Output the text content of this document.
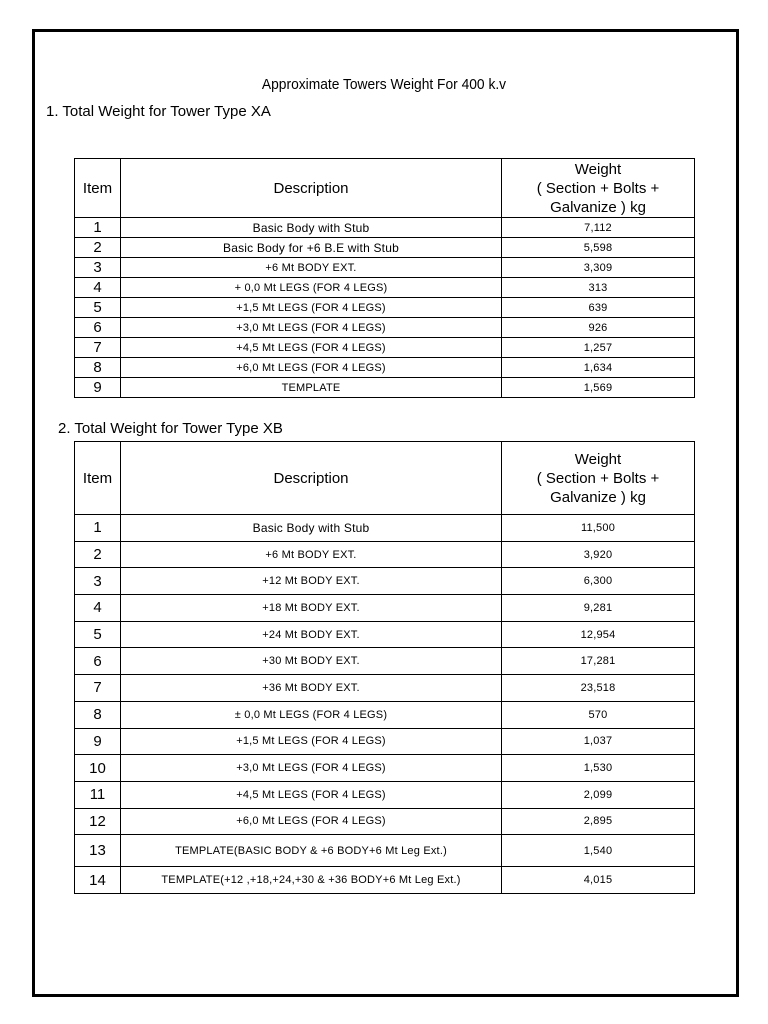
Approximate Towers Weight For 400 k.v
1. Total Weight for Tower Type XA
Item	Description	Weight
( Section + Bolts +
Galvanize ) kg

1	Basic Body with Stub	7,112
2	Basic Body for +6 B.E with Stub	5,598
3	+6 Mt BODY EXT.	3,309
4	+ 0,0 Mt LEGS (FOR 4 LEGS)	313
5	+1,5 Mt LEGS (FOR 4 LEGS)	639
6	+3,0 Mt LEGS (FOR 4 LEGS)	926
7	+4,5 Mt LEGS (FOR 4 LEGS)	1,257
8	+6,0 Mt LEGS (FOR 4 LEGS)	1,634
9	TEMPLATE	1,569
2. Total Weight for Tower Type XB
Item	Description	Weight
( Section + Bolts +
Galvanize ) kg

1	Basic Body with Stub	11,500
2	+6 Mt BODY EXT.	3,920
3	+12 Mt BODY EXT.	6,300
4	+18 Mt BODY EXT.	9,281
5	+24 Mt BODY EXT.	12,954
6	+30 Mt BODY EXT.	17,281
7	+36 Mt BODY EXT.	23,518
8	± 0,0 Mt LEGS (FOR 4 LEGS)	570
9	+1,5 Mt LEGS (FOR 4 LEGS)	1,037
10	+3,0 Mt LEGS (FOR 4 LEGS)	1,530
11	+4,5 Mt LEGS (FOR 4 LEGS)	2,099
12	+6,0 Mt LEGS (FOR 4 LEGS)	2,895
13	TEMPLATE(BASIC BODY & +6 BODY+6 Mt Leg Ext.)	1,540
14	TEMPLATE(+12 ,+18,+24,+30 & +36 BODY+6 Mt Leg Ext.)	4,015
